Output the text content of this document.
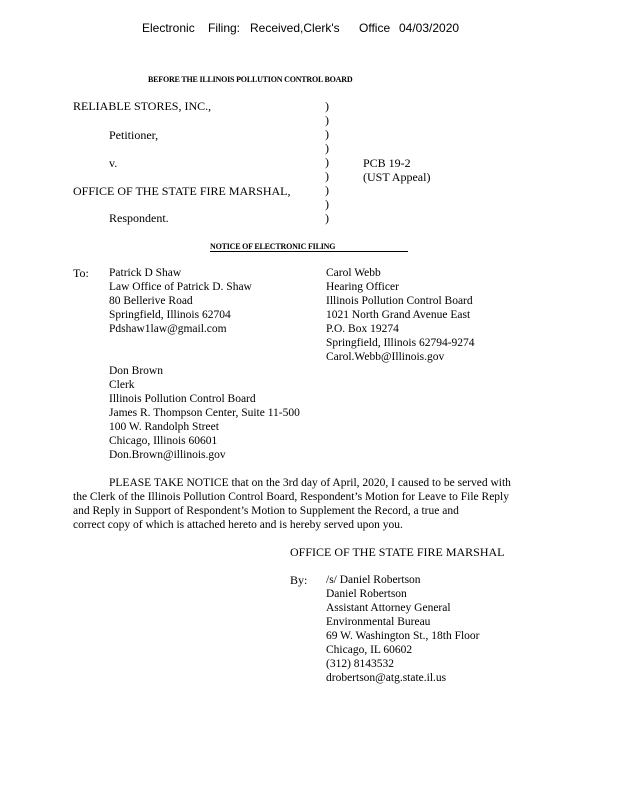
Electronic Filing: Received,Clerk's Office 04/03/2020
BEFORE THE ILLINOIS POLLUTION CONTROL BOARD
RELIABLE STORES, INC.,
Petitioner,
v.
OFFICE OF THE STATE FIRE MARSHAL,
Respondent.
)
)
)
)
)
)
)
)
)
PCB 19-2
(UST Appeal)
NOTICE OF ELECTRONIC FILING
To: Patrick D Shaw
Law Office of Patrick D. Shaw
80 Bellerive Road
Springfield, Illinois 62704
Pdshaw1law@gmail.com
Carol Webb
Hearing Officer
Illinois Pollution Control Board
1021 North Grand Avenue East
P.O. Box 19274
Springfield, Illinois 62794-9274
Carol.Webb@Illinois.gov
Don Brown
Clerk
Illinois Pollution Control Board
James R. Thompson Center, Suite 11-500
100 W. Randolph Street
Chicago, Illinois 60601
Don.Brown@illinois.gov
PLEASE TAKE NOTICE that on the 3rd day of April, 2020, I caused to be served with
the Clerk of the Illinois Pollution Control Board, Respondent’s Motion for Leave to File Reply
and Reply in Support of Respondent’s Motion to Supplement the Record, a true and
correct copy of which is attached hereto and is hereby served upon you.
OFFICE OF THE STATE FIRE MARSHAL
By: /s/ Daniel Robertson
Daniel Robertson
Assistant Attorney General
Environmental Bureau
69 W. Washington St., 18th Floor
Chicago, IL 60602
(312) 8143532
drobertson@atg.state.il.us
